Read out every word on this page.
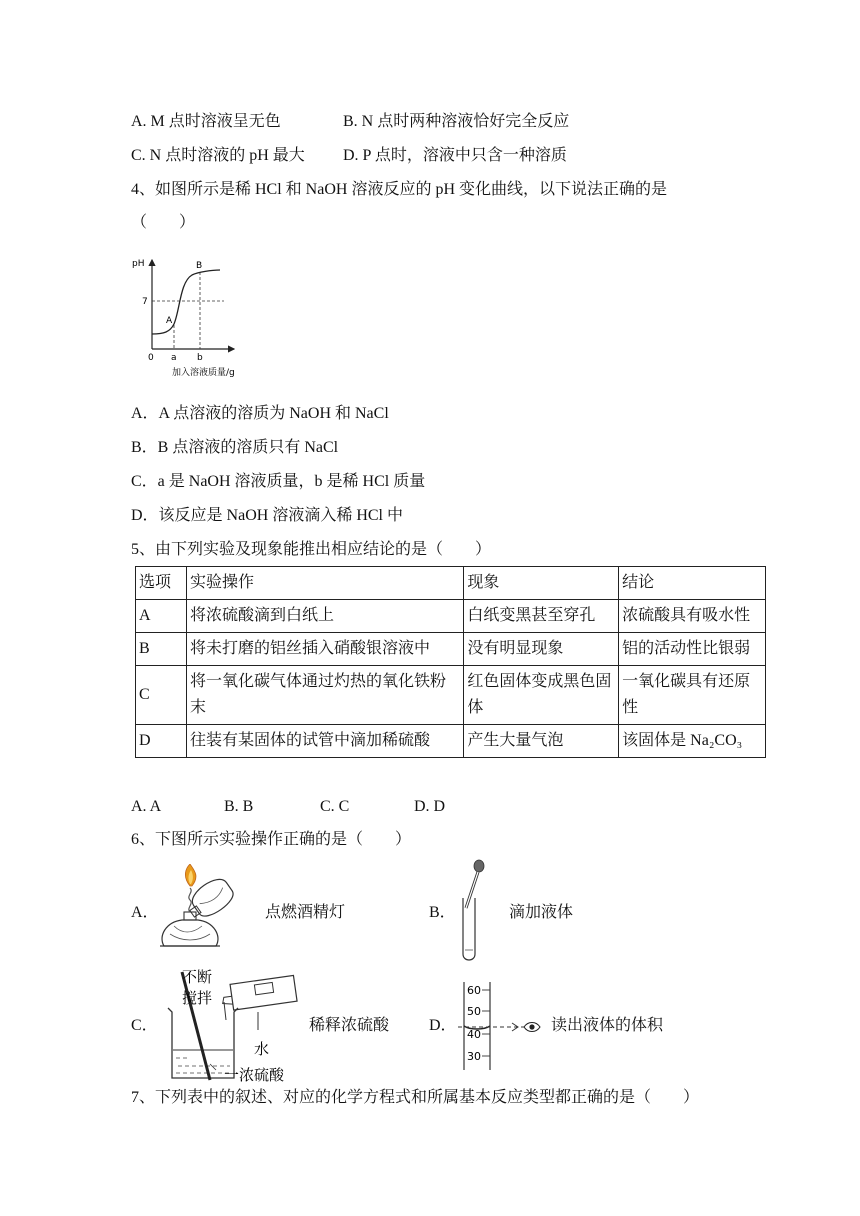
A. M 点时溶液呈无色	B. N 点时两种溶液恰好完全反应
C. N 点时溶液的 pH 最大 D. P 点时，溶液中只含一种溶质
4、如图所示是稀 HCl 和 NaOH 溶液反应的 pH 变化曲线，以下说法正确的是
（　　）
pH
7
A
B
0 a b
加入溶液质量/g
A．A 点溶液的溶质为 NaOH 和 NaCl
B．B 点溶液的溶质只有 NaCl
C．a 是 NaOH 溶液质量，b 是稀 HCl 质量
D．该反应是 NaOH 溶液滴入稀 HCl 中
5、由下列实验及现象能推出相应结论的是（　　）
选项	实验操作	现象	结论
A	将浓硫酸滴到白纸上	白纸变黑甚至穿孔	浓硫酸具有吸水性
B	将未打磨的铝丝插入硝酸银溶液中	没有明显现象	铝的活动性比银弱
C	将一氧化碳气体通过灼热的氧化铁粉末	红色固体变成黑色固体	一氧化碳具有还原性
D	往装有某固体的试管中滴加稀硫酸	产生大量气泡	该固体是 Na₂CO₃
A. A	B. B	C. C	D. D
6、下图所示实验操作正确的是（　　）
A．	点燃酒精灯	B．	滴加液体
C．
不断
搅拌
水
一浓硫酸
稀释浓硫酸 D．
60
50
40
30
读出液体的体积
7、下列表中的叙述、对应的化学方程式和所属基本反应类型都正确的是（　　）
